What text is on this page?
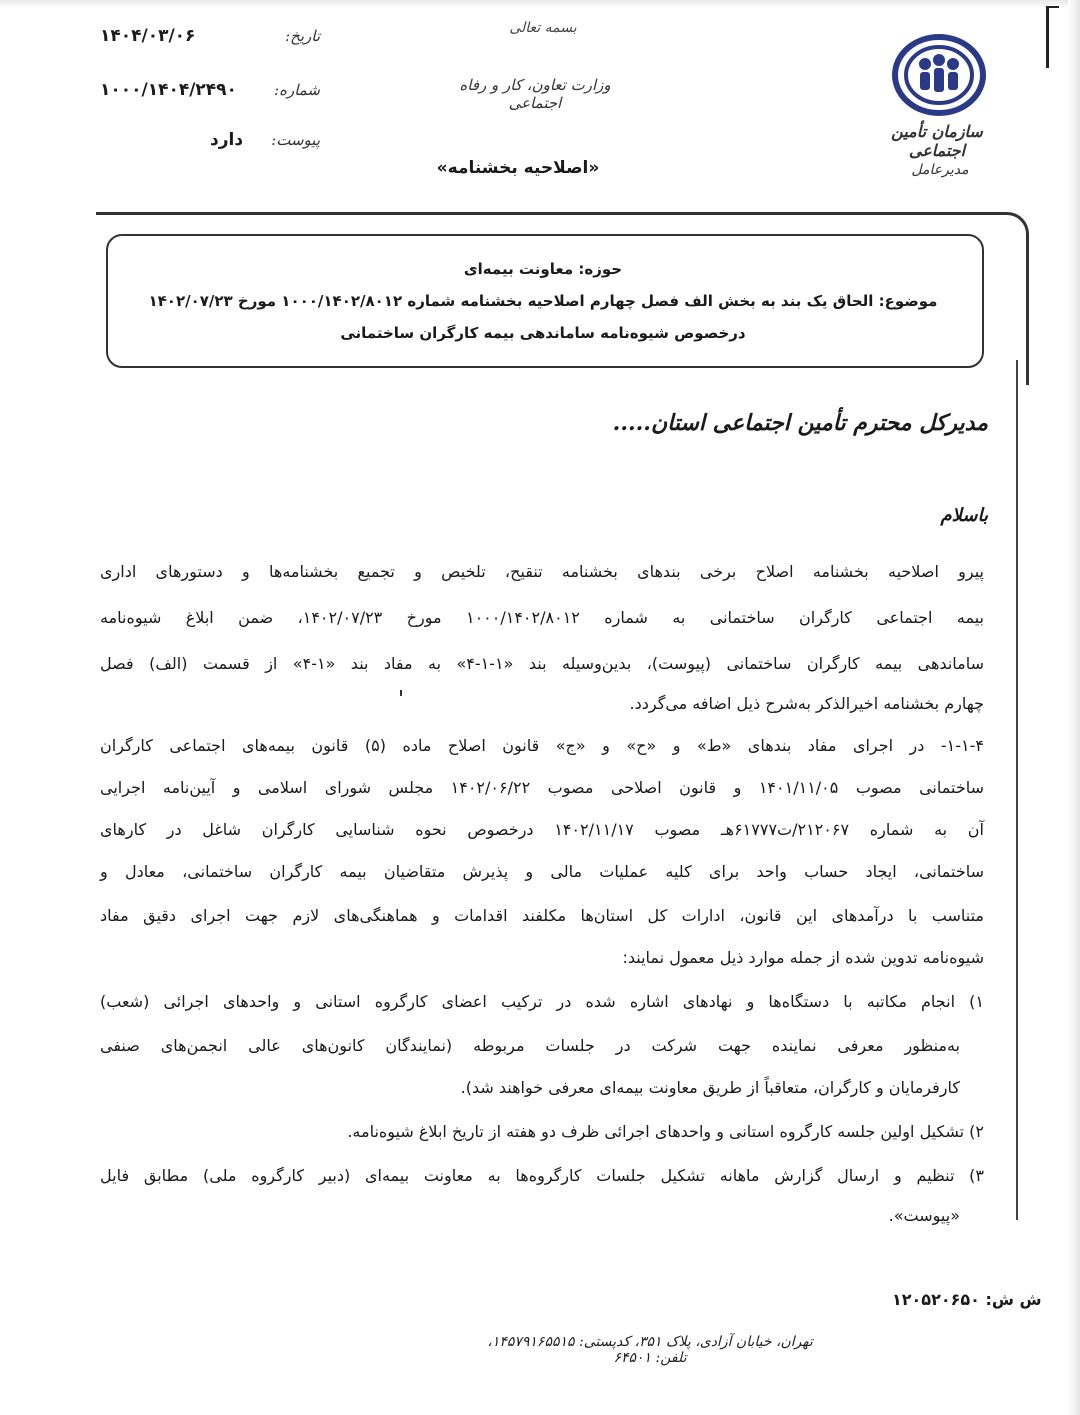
سازمان تأمین اجتماعی
مدیرعامل
بسمه تعالی
وزارت تعاون، کار و رفاه اجتماعی
«اصلاحیه بخشنامه»
تاریخ:
۱۴۰۴/۰۳/۰۶
شماره:
۱۰۰۰/۱۴۰۴/۲۴۹۰
پیوست:
دارد
حوزه: معاونت بیمه‌ای
موضوع: الحاق یک بند به بخش الف فصل چهارم اصلاحیه بخشنامه شماره ۱۰۰۰/۱۴۰۲/۸۰۱۲ مورخ ۱۴۰۲/۰۷/۲۳
درخصوص شیوه‌نامه ساماندهی بیمه کارگران ساختمانی
مدیرکل محترم تأمین اجتماعی استان.....
باسلام
پیرو اصلاحیه بخشنامه اصلاح برخی بندهای بخشنامه تنقیح، تلخیص و تجمیع بخشنامه‌ها و دستورهای اداری
بیمه اجتماعی کارگران ساختمانی به شماره ۱۰۰۰/۱۴۰۲/۸۰۱۲ مورخ ۱۴۰۲/۰۷/۲۳، ضمن ابلاغ شیوه‌نامه
ساماندهی بیمه کارگران ساختمانی (پیوست)، بدین‌وسیله بند «۱-۱-۴» به مفاد بند «۱-۴» از قسمت (الف) فصل
چهارم بخشنامه اخیرالذکر به‌شرح ذیل اضافه می‌گردد.
۱-۱-۴- در اجرای مفاد بندهای «ط» و «ح» و «ج» قانون اصلاح ماده (۵) قانون بیمه‌های اجتماعی کارگران
ساختمانی مصوب ۱۴۰۱/۱۱/۰۵ و قانون اصلاحی مصوب ۱۴۰۲/۰۶/۲۲ مجلس شورای اسلامی و آیین‌نامه اجرایی
آن به شماره ۲۱۲۰۶۷/ت۶۱۷۷۷هـ مصوب ۱۴۰۲/۱۱/۱۷ درخصوص نحوه شناسایی کارگران شاغل در کارهای
ساختمانی، ایجاد حساب واحد برای کلیه عملیات مالی و پذیرش متقاضیان بیمه کارگران ساختمانی، معادل و
متناسب با درآمدهای این قانون، ادارات کل استان‌ها مکلفند اقدامات و هماهنگی‌های لازم جهت اجرای دقیق مفاد
شیوه‌نامه تدوین شده از جمله موارد ذیل معمول نمایند:
۱) انجام مکاتبه با دستگاه‌ها و نهادهای اشاره شده در ترکیب اعضای کارگروه استانی و واحدهای اجرائی (شعب)
به‌منظور معرفی نماینده جهت شرکت در جلسات مربوطه (نمایندگان کانون‌های عالی انجمن‌های صنفی
کارفرمایان و کارگران، متعاقباً از طریق معاونت بیمه‌ای معرفی خواهند شد).
۲) تشکیل اولین جلسه کارگروه استانی و واحدهای اجرائی ظرف دو هفته از تاریخ ابلاغ شیوه‌نامه.
۳) تنظیم و ارسال گزارش ماهانه تشکیل جلسات کارگروه‌ها به معاونت بیمه‌ای (دبیر کارگروه ملی) مطابق فایل
«پیوست».
ش ش: ۱۲۰۵۲۰۶۵۰
تهران، خیابان آزادی، پلاک ۳۵۱، کدپستی: ۱۴۵۷۹۱۶۵۵۱۵، تلفن: ۶۴۵۰۱
